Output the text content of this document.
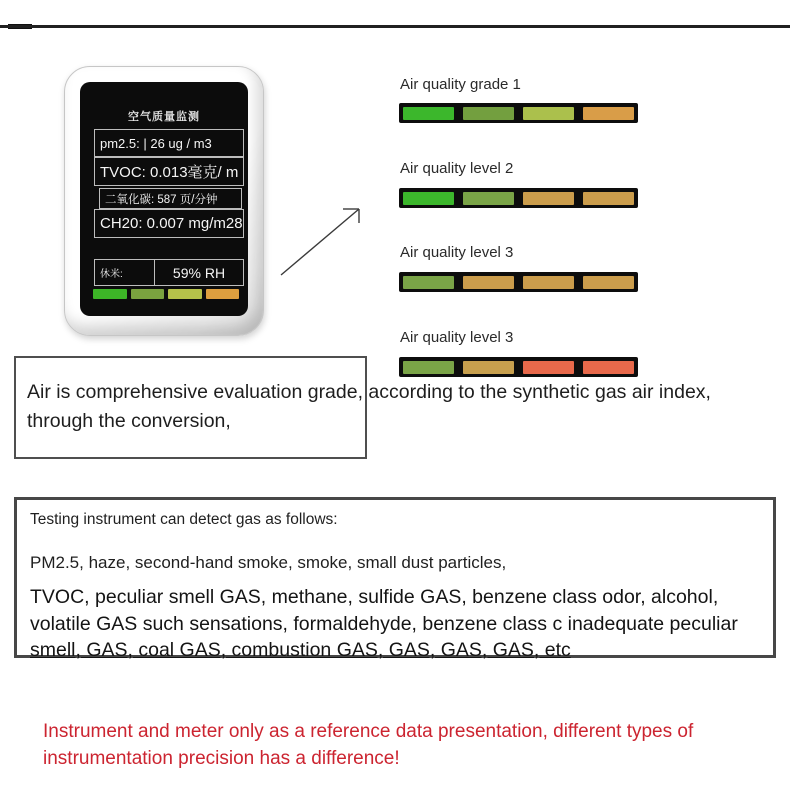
空气质量监测
pm2.5: | 26 ug / m3
TVOC: 0.013毫克/ m
二氧化碳: 587 页/分钟
CH20: 0.007 mg/m28
休米:	59% RH
Air quality grade 1
Air quality level 2
Air quality level 3
Air quality level 3
Air is comprehensive evaluation grade, according to the synthetic gas air index,
through the conversion,
Testing instrument can detect gas as follows:
PM2.5, haze, second-hand smoke, smoke, small dust particles,
TVOC, peculiar smell GAS, methane, sulfide GAS, benzene class odor, alcohol,
volatile GAS such sensations, formaldehyde, benzene class c inadequate peculiar
smell, GAS, coal GAS, combustion GAS, GAS, GAS, GAS, etc
Instrument and meter only as a reference data presentation, different types of
instrumentation precision has a difference!
